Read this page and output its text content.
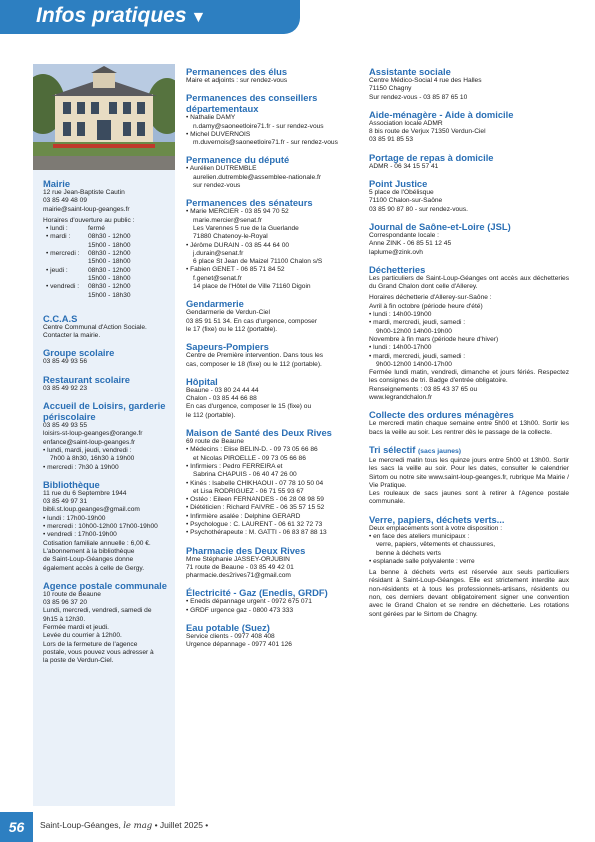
Infos pratiques ▼
Mairie
12 rue Jean-Baptiste Cautin
03 85 49 48 09
mairie@saint-loup-geanges.fr
Horaires d'ouverture au public :
• lundi :	fermé
• mardi :	08h30 - 12h00
15h00 - 18h00
• mercredi :	08h30 - 12h00
15h00 - 18h00
• jeudi :	08h30 - 12h00
15h00 - 18h00
• vendredi :	08h30 - 12h00
15h00 - 18h30
C.C.A.S
Centre Communal d'Action Sociale.
Contacter la mairie.
Groupe scolaire
03 85 49 93 56
Restaurant scolaire
03 85 49 92 23
Accueil de Loisirs, garderie
périscolaire
03 85 49 93 55
loisirs-st-loup-geanges@orange.fr
enfance@saint-loup-geanges.fr
• lundi, mardi, jeudi, vendredi :
7h00 à 8h30, 16h30 à 19h00
• mercredi : 7h30 à 19h00
Bibliothèque
11 rue du 6 Septembre 1944
03 85 49 97 31
bibli.st.loup.geanges@gmail.com
• lundi : 17h00-19h00
• mercredi : 10h00-12h00 17h00-19h00
• vendredi : 17h00-19h00
Cotisation familiale annuelle : 6,00 €.
L'abonnement à la bibliothèque
de Saint-Loup-Géanges donne
également accès à celle de Gergy.
Agence postale communale
10 route de Beaune
03 85 96 37 20
Lundi, mercredi, vendredi, samedi de
9h15 à 12h30.
Fermée mardi et jeudi.
Levée du courrier à 12h00.
Lors de la fermeture de l'agence
postale, vous pouvez vous adresser à
la poste de Verdun-Ciel.
Permanences des élus
Maire et adjoints : sur rendez-vous
Permanences des conseillers
départementaux
• Nathalie DAMY
n.damy@saoneetloire71.fr - sur rendez-vous
• Michel DUVERNOIS
m.duvernois@saoneetloire71.fr - sur rendez-vous
Permanence du député
• Aurélien DUTREMBLE
aurelien.dutremble@assemblee-nationale.fr
sur rendez-vous
Permanences des sénateurs
• Marie MERCIER - 03 85 94 70 52
marie.mercier@senat.fr
Les Varennes 5 rue de la Guerlande
71880 Chatenoy-le-Royal
• Jérôme DURAIN - 03 85 44 64 00
j.durain@senat.fr
6 place St Jean de Maizel 71100 Chalon s/S
• Fabien GENET - 06 85 71 84 52
f.genet@senat.fr
14 place de l'Hôtel de Ville 71160 Digoin
Gendarmerie
Gendarmerie de Verdun-Ciel
03 85 91 51 34. En cas d'urgence, composer
le 17 (fixe) ou le 112 (portable).
Sapeurs-Pompiers
Centre de Première intervention. Dans tous les
cas, composer le 18 (fixe) ou le 112 (portable).
Hôpital
Beaune - 03 80 24 44 44
Chalon - 03 85 44 66 88
En cas d'urgence, composer le 15 (fixe) ou
le 112 (portable).
Maison de Santé des Deux Rives
69 route de Beaune
• Médecins : Elise BELIN-D. - 09 73 05 66 86
et Nicolas PIROELLE - 09 73 05 66 86
• Infirmiers : Pedro FERREIRA et
Sabrina CHAPUIS - 06 40 47 26 00
• Kinés : Isabelle CHIKHAOUI - 07 78 10 50 04
et Lisa RODRIGUEZ - 06 71 55 93 67
• Ostéo : Eileen FERNANDES - 06 28 08 98 59
• Diététicien : Richard FAIVRE - 06 35 57 15 52
• Infirmière asalée : Delphine GERARD
• Psychologue : C. LAURENT - 06 61 32 72 73
• Psychothérapeute : M. GATTI - 06 83 87 88 13
Pharmacie des Deux Rives
Mme Stéphanie JASSEY-ORJUBIN
71 route de Beaune - 03 85 49 42 01
pharmacie.des2rives71@gmail.com
Électricité - Gaz (Enedis, GRDF)
• Enedis dépannage urgent - 0972 675 071
• GRDF urgence gaz - 0800 473 333
Eau potable (Suez)
Service clients - 0977 408 408
Urgence dépannage - 0977 401 126
Assistante sociale
Centre Médico-Social 4 rue des Halles
71150 Chagny
Sur rendez-vous - 03 85 87 65 10
Aide-ménagère - Aide à domicile
Association locale ADMR
8 bis route de Verjux 71350 Verdun-Ciel
03 85 91 85 53
Portage de repas à domicile
ADMR - 06 34 15 57 41
Point Justice
5 place de l'Obélisque
71100 Chalon-sur-Saône
03 85 90 87 80 - sur rendez-vous.
Journal de Saône-et-Loire (JSL)
Correspondante locale :
Anne ZINK - 06 85 51 12 45
laplume@zink.ovh
Déchetteries
Les particuliers de Saint-Loup-Géanges ont accès aux déchetteries du Grand Chalon dont celle d'Allerey.
Horaires déchetterie d'Allerey-sur-Saône :
Avril à fin octobre (période heure d'été)
• lundi : 14h00-19h00
• mardi, mercredi, jeudi, samedi :
9h00-12h00 14h00-19h00
Novembre à fin mars (période heure d'hiver)
• lundi : 14h00-17h00
• mardi, mercredi, jeudi, samedi :
9h00-12h00 14h00-17h00
Fermée lundi matin, vendredi, dimanche et jours fériés. Respectez les consignes de tri. Badge d'entrée obligatoire.
Renseignements : 03 85 43 37 65 ou
www.legrandchalon.fr
Collecte des ordures ménagères
Le mercredi matin chaque semaine entre 5h00 et 13h00. Sortir les bacs la veille au soir. Les rentrer dès le passage de la collecte.
Tri sélectif (sacs jaunes)
Le mercredi matin tous les quinze jours entre 5h00 et 13h00. Sortir les sacs la veille au soir. Pour les dates, consulter le calendrier Sirtom ou notre site www.saint-loup-geanges.fr, rubrique Ma Mairie / Vie Pratique.
Les rouleaux de sacs jaunes sont à retirer à l'Agence postale communale.
Verre, papiers, déchets verts...
Deux emplacements sont à votre disposition :
• en face des ateliers municipaux :
verre, papiers, vêtements et chaussures,
benne à déchets verts
• esplanade salle polyvalente : verre
La benne à déchets verts est réservée aux seuls particuliers résidant à Saint-Loup-Géanges. Elle est strictement interdite aux non-résidents et à tous les professionnels-artisans, résidents ou non, ces derniers devant obligatoirement signer une convention avec le Grand Chalon et se rendre en déchetterie. Les rotations sont gérées par le Sirtom de Chagny.
56	Saint-Loup-Géanges, le mag • Juillet 2025 •
